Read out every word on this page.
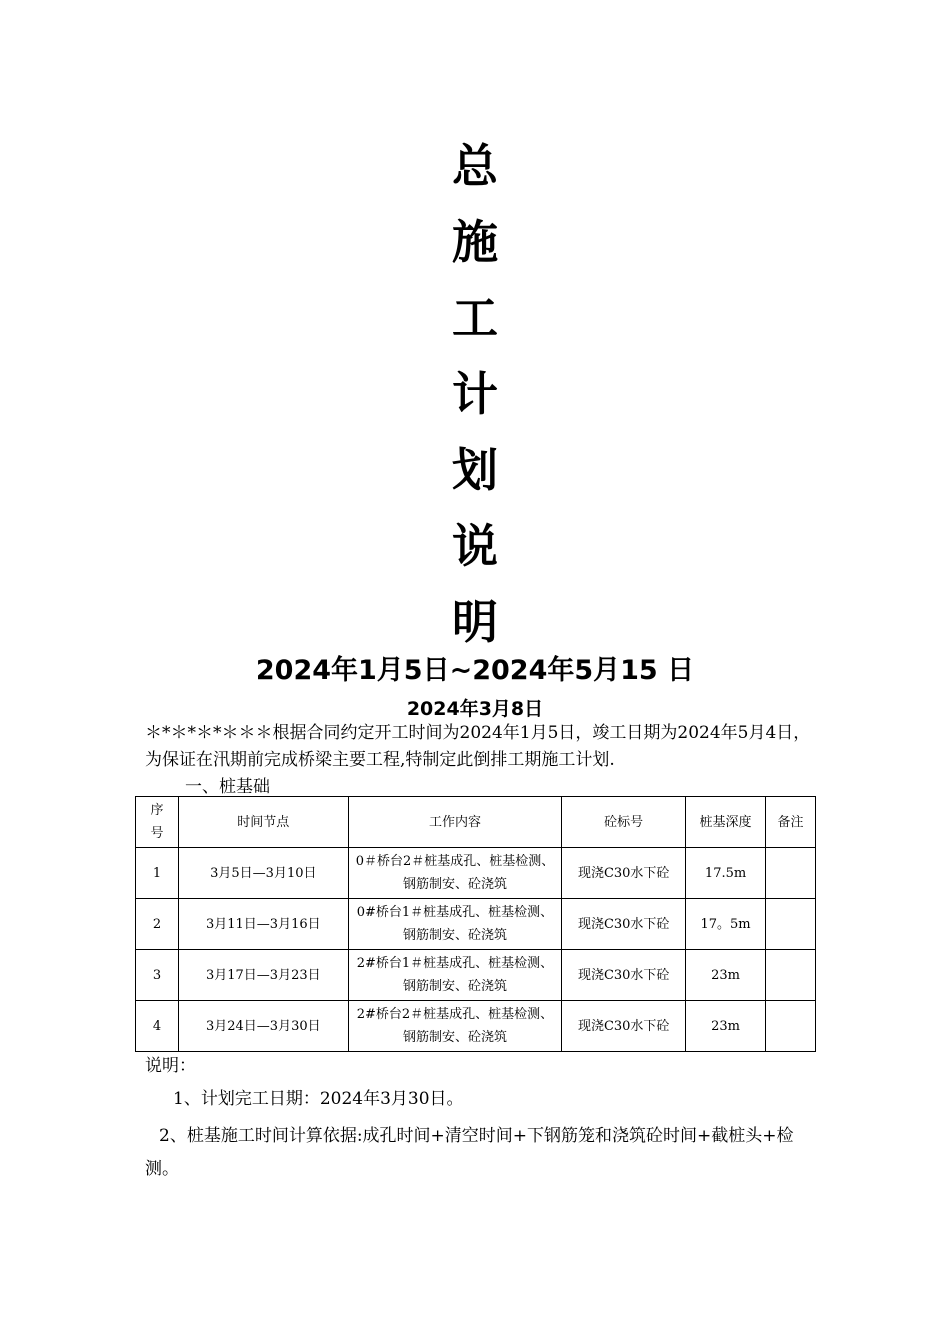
总
施
工
计
划
说
明
2024年1月5日~2024年5月15 日
2024年3月8日
＊*＊*＊*＊＊＊根据合同约定开工时间为2024年1月5日，竣工日期为2024年5月4日，为保证在汛期前完成桥梁主要工程,特制定此倒排工期施工计划.
一、桩基础
序号	时间节点	工作内容	砼标号	桩基深度	备注
1	3月5日—3月10日	0＃桥台2＃桩基成孔、桩基检测、钢筋制安、砼浇筑	现浇C30水下砼	17.5m	
2	3月11日—3月16日	0#桥台1＃桩基成孔、桩基检测、钢筋制安、砼浇筑	现浇C30水下砼	17。5m	
3	3月17日—3月23日	2#桥台1＃桩基成孔、桩基检测、钢筋制安、砼浇筑	现浇C30水下砼	23m	
4	3月24日—3月30日	2#桥台2＃桩基成孔、桩基检测、钢筋制安、砼浇筑	现浇C30水下砼	23m	
说明：
1、计划完工日期：2024年3月30日。
2、桩基施工时间计算依据:成孔时间+清空时间+下钢筋笼和浇筑砼时间+截桩头+检测。
